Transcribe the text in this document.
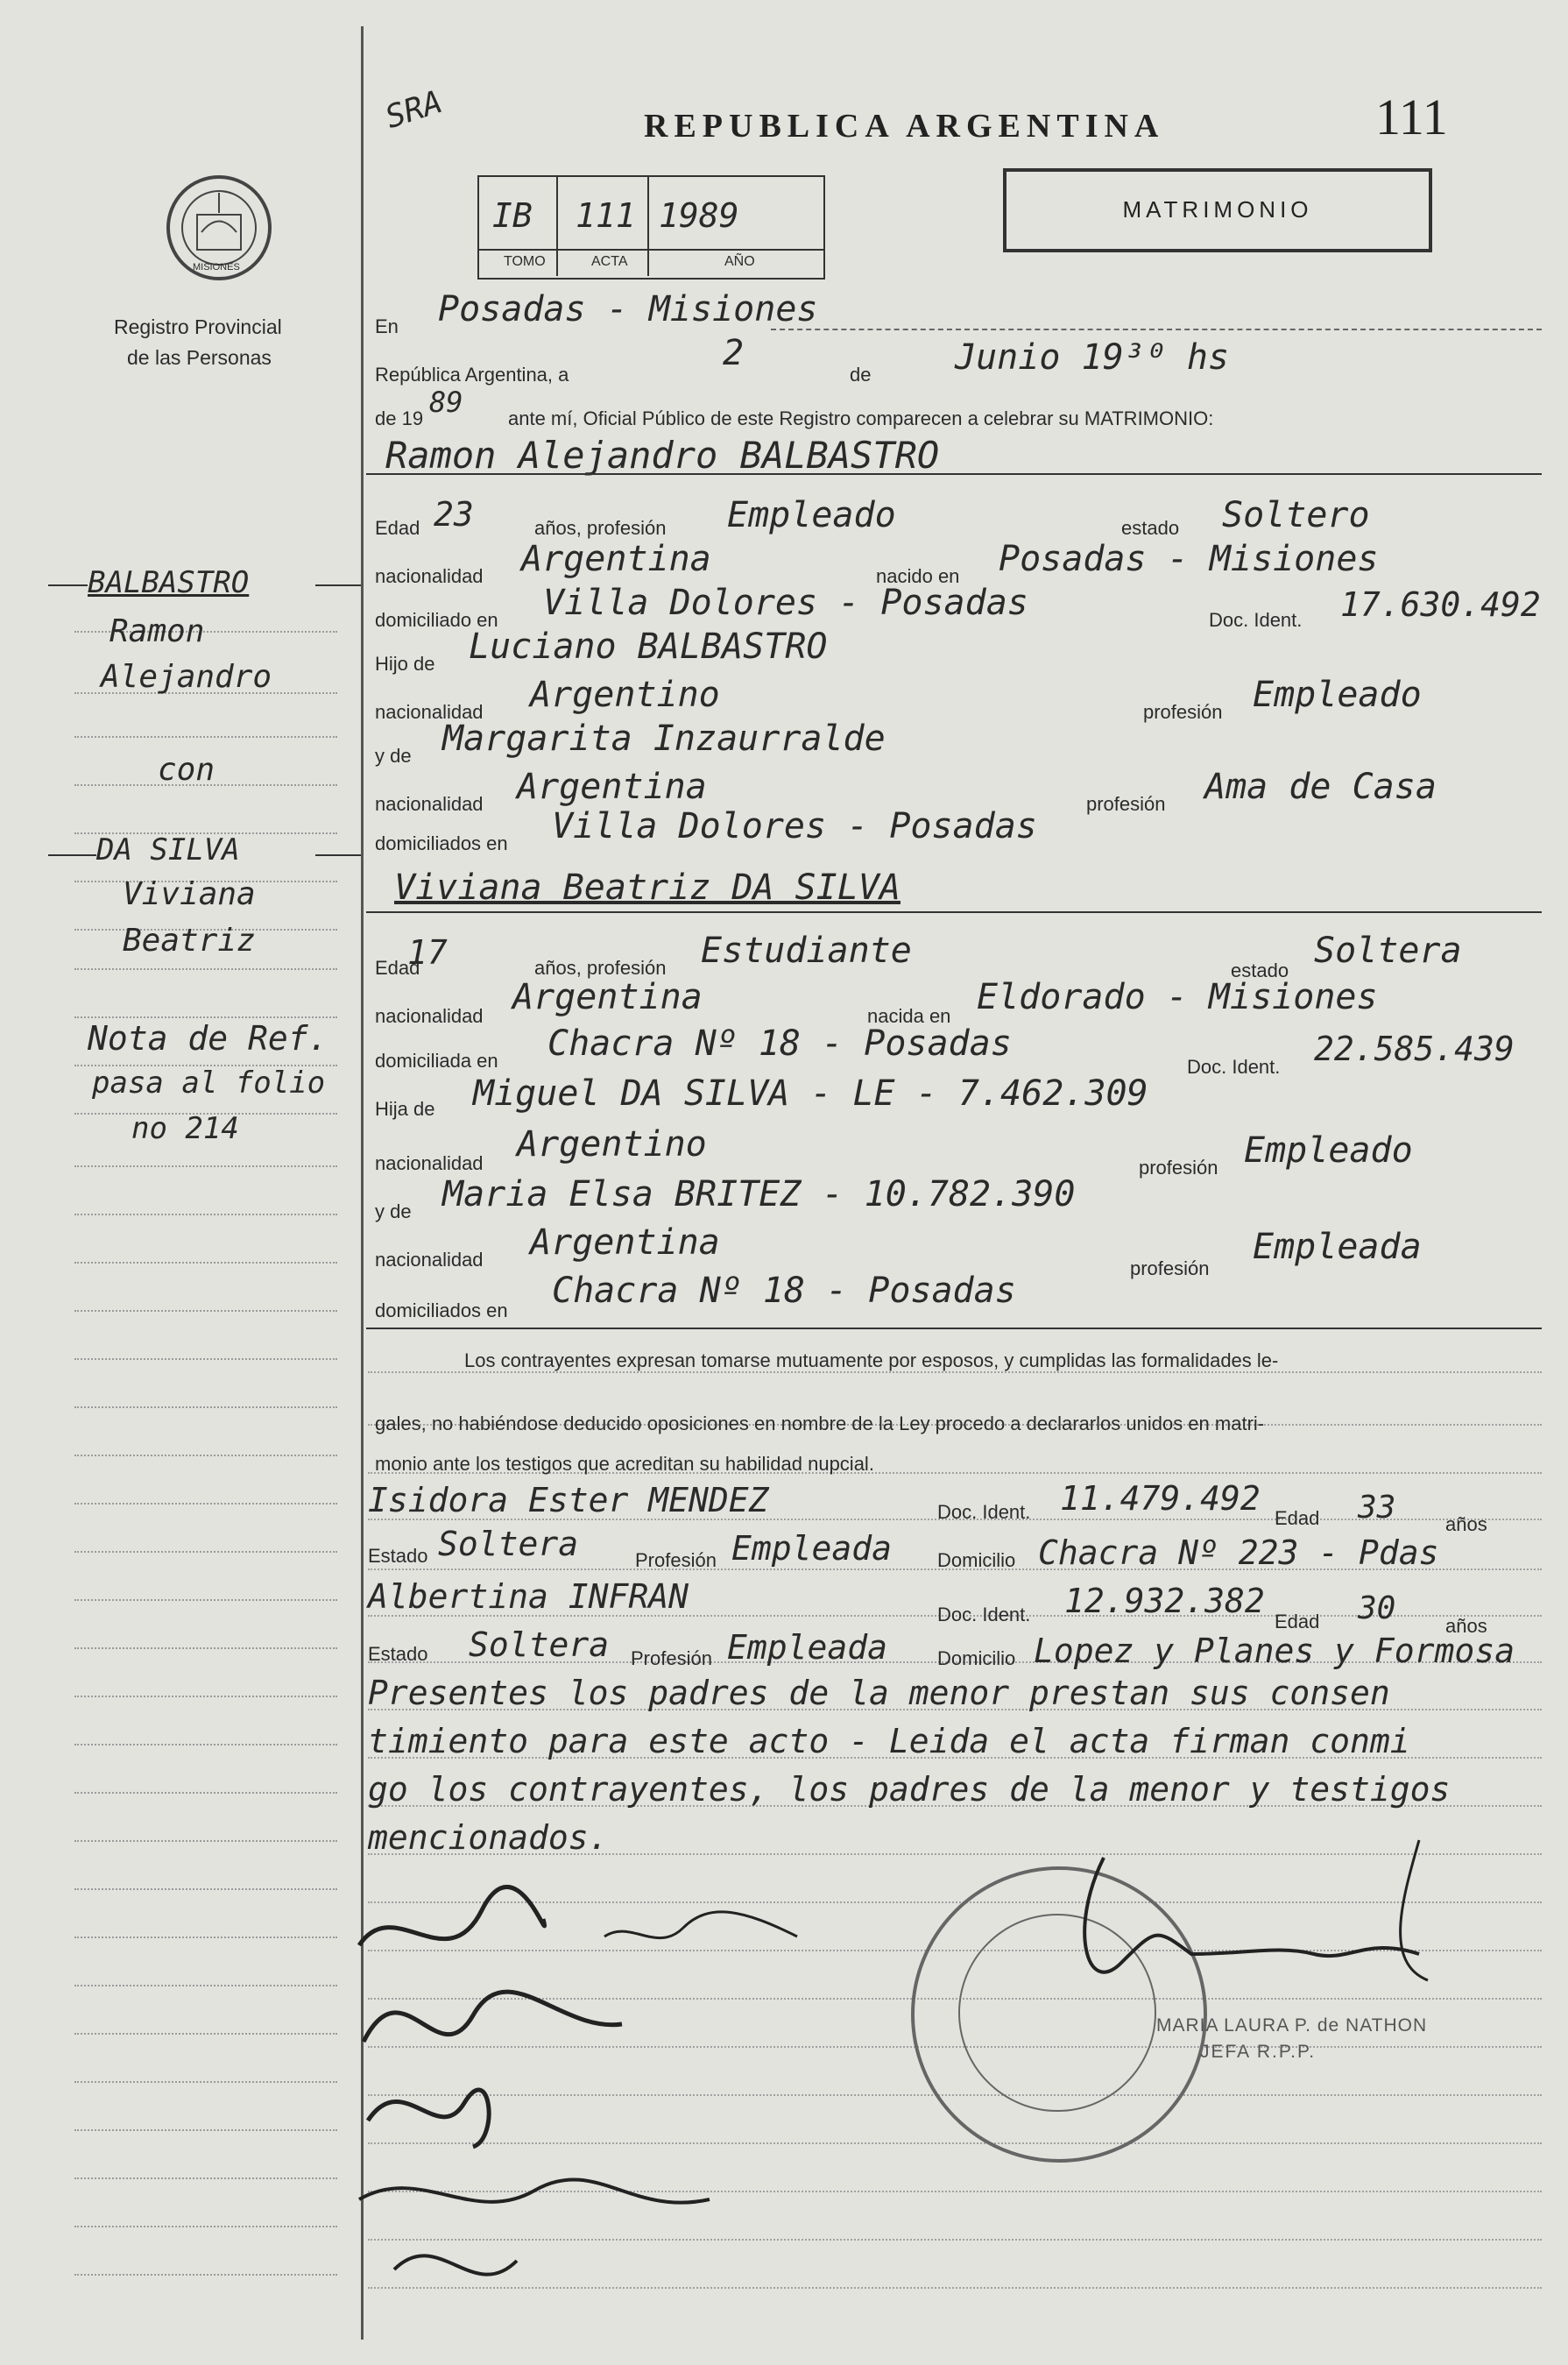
SRA	REPUBLICA ARGENTINA	111
IB 111 1989
TOMO	ACTA	AÑO
MATRIMONIO
MISIONES
Registro Provincial
de las Personas
BALBASTRO
Ramon
Alejandro
con
DA SILVA
Viviana
Beatriz
Nota de Ref.
pasa al folio
no 214
En Posadas - Misiones
República Argentina, a
2
de Junio 19³⁰ hs
de 19 89 ante mí, Oficial Público de este Registro comparecen a celebrar su MATRIMONIO:
Ramon Alejandro BALBASTRO
Edad 23	años, profesión Empleado	estado Soltero
nacionalidad Argentina	nacido en Posadas - Misiones
domiciliado en Villa Dolores - Posadas	Doc. Ident. 17.630.492
Hijo de Luciano BALBASTRO
nacionalidad Argentino	profesión Empleado
y de Margarita Inzaurralde
nacionalidad Argentina	profesión Ama de Casa
domiciliados en Villa Dolores - Posadas
Viviana Beatriz DA SILVA
Edad
17	años, profesión Estudiante	estado Soltera
nacionalidad Argentina	nacida en Eldorado - Misiones
domiciliada en Chacra Nº 18 - Posadas
Doc. Ident. 22.585.439
Hija de Miguel DA SILVA - LE - 7.462.309
nacionalidad Argentino
profesión Empleado
y de Maria Elsa BRITEZ - 10.782.390
nacionalidad Argentina
profesión
Empleada
domiciliados en Chacra Nº 18 - Posadas
Los contrayentes expresan tomarse mutuamente por esposos, y cumplidas las formalidades le-
gales, no habiéndose deducido oposiciones en nombre de la Ley procedo a declararlos unidos en matri-
monio ante los testigos que acreditan su habilidad nupcial.
Isidora Ester MENDEZ	Doc. Ident. 11.479.492
Edad 33	años
Estado Soltera	Profesión Empleada Domicilio Chacra Nº 223 - Pdas
Albertina INFRAN	Doc. Ident. 12.932.382
Edad 30	años
Estado Soltera Profesión Empleada	Domicilio Lopez y Planes y Formosa
Presentes los padres de la menor prestan sus consen
timiento para este acto - Leida el acta firman conmi
go los contrayentes, los padres de la menor y testigos
mencionados.
MARIA LAURA P. de NATHON
JEFA R.P.P.
